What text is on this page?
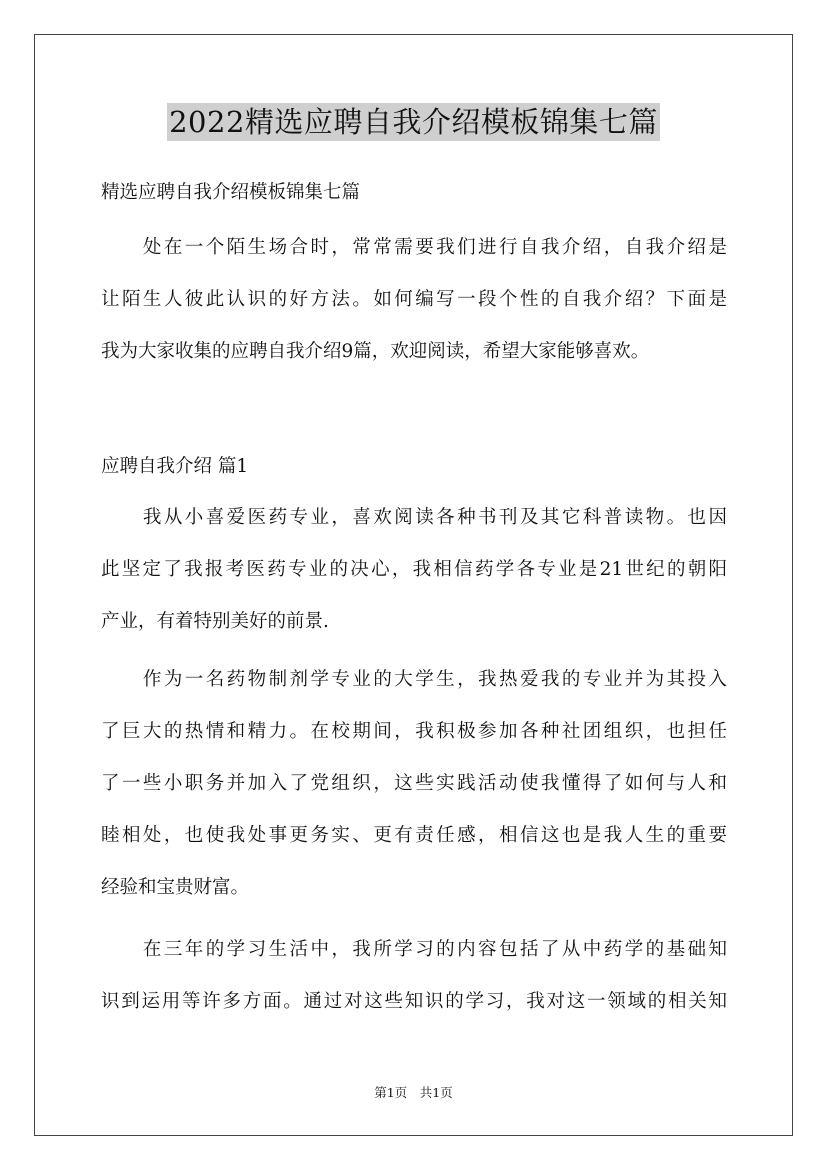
2022精选应聘自我介绍模板锦集七篇
精选应聘自我介绍模板锦集七篇

　　处在一个陌生场合时，常常需要我们进行自我介绍，自我介绍是

让陌生人彼此认识的好方法。如何编写一段个性的自我介绍？下面是

我为大家收集的应聘自我介绍9篇，欢迎阅读，希望大家能够喜欢。

应聘自我介绍 篇1

　　我从小喜爱医药专业，喜欢阅读各种书刊及其它科普读物。也因

此坚定了我报考医药专业的决心，我相信药学各专业是21世纪的朝阳

产业，有着特别美好的前景.

　　作为一名药物制剂学专业的大学生，我热爱我的专业并为其投入

了巨大的热情和精力。在校期间，我积极参加各种社团组织，也担任

了一些小职务并加入了党组织，这些实践活动使我懂得了如何与人和

睦相处，也使我处事更务实、更有责任感，相信这也是我人生的重要

经验和宝贵财富。

　　在三年的学习生活中，我所学习的内容包括了从中药学的基础知

识到运用等许多方面。通过对这些知识的学习，我对这一领域的相关知

第1页　共1页
